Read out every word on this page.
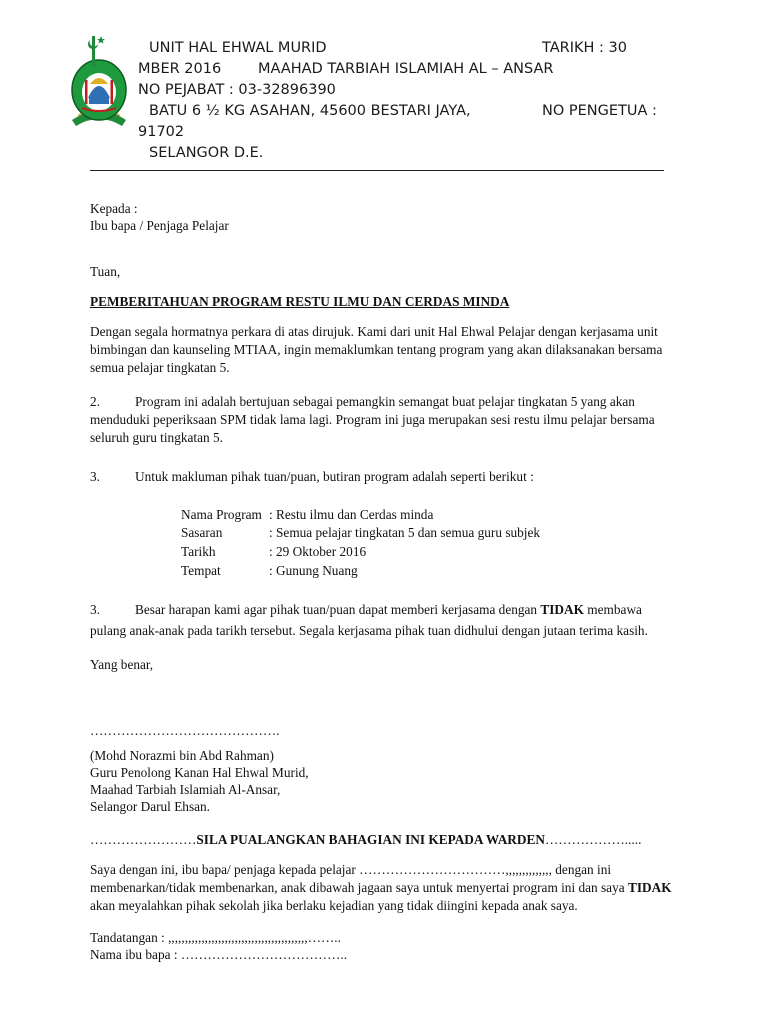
UNIT HAL EHWAL MURID	TARIKH : 30
MBER 2016	MAAHAD TARBIAH ISLAMIAH AL – ANSAR
NO PEJABAT : 03-32896390
BATU 6 ½ KG ASAHAN, 45600 BESTARI JAYA,	NO PENGETUA :
91702
SELANGOR D.E.
Kepada :
Ibu bapa / Penjaga Pelajar
Tuan,
PEMBERITAHUAN PROGRAM RESTU ILMU DAN CERDAS MINDA
Dengan segala hormatnya perkara di atas dirujuk. Kami dari unit Hal Ehwal Pelajar dengan kerjasama unit bimbingan dan kaunseling MTIAA, ingin memaklumkan tentang program yang akan dilaksanakan bersama semua pelajar tingkatan 5.
2.	Program ini adalah bertujuan sebagai pemangkin semangat buat pelajar tingkatan 5 yang akan menduduki peperiksaan SPM tidak lama lagi. Program ini juga merupakan sesi restu ilmu pelajar bersama seluruh guru tingkatan 5.
3.	Untuk makluman pihak tuan/puan, butiran program adalah seperti berikut :
Nama Program : Restu ilmu dan Cerdas minda
Sasaran	: Semua pelajar tingkatan 5 dan semua guru subjek
Tarikh	: 29 Oktober 2016
Tempat	: Gunung Nuang
3.	Besar harapan kami agar pihak tuan/puan dapat memberi kerjasama dengan TIDAK membawa pulang anak-anak pada tarikh tersebut. Segala kerjasama pihak tuan didhului dengan jutaan terima kasih.
Yang benar,
…………………………………….
(Mohd Norazmi bin Abd Rahman)
Guru Penolong Kanan Hal Ehwal Murid,
Maahad Tarbiah Islamiah Al-Ansar,
Selangor Darul Ehsan.
……………………SILA PUALANGKAN BAHAGIAN INI KEPADA WARDEN……………….....
Saya dengan ini, ibu bapa/ penjaga kepada pelajar ……………………………,,,,,,,,,,,,,, dengan ini membenarkan/tidak membenarkan, anak dibawah jagaan saya untuk menyertai program ini dan saya TIDAK akan meyalahkan pihak sekolah jika berlaku kejadian yang tidak diingini kepada anak saya.
Tandatangan : ,,,,,,,,,,,,,,,,,,,,,,,,,,,,,,,,,,,,,,,,,,……..
Nama ibu bapa : ………………………………..
